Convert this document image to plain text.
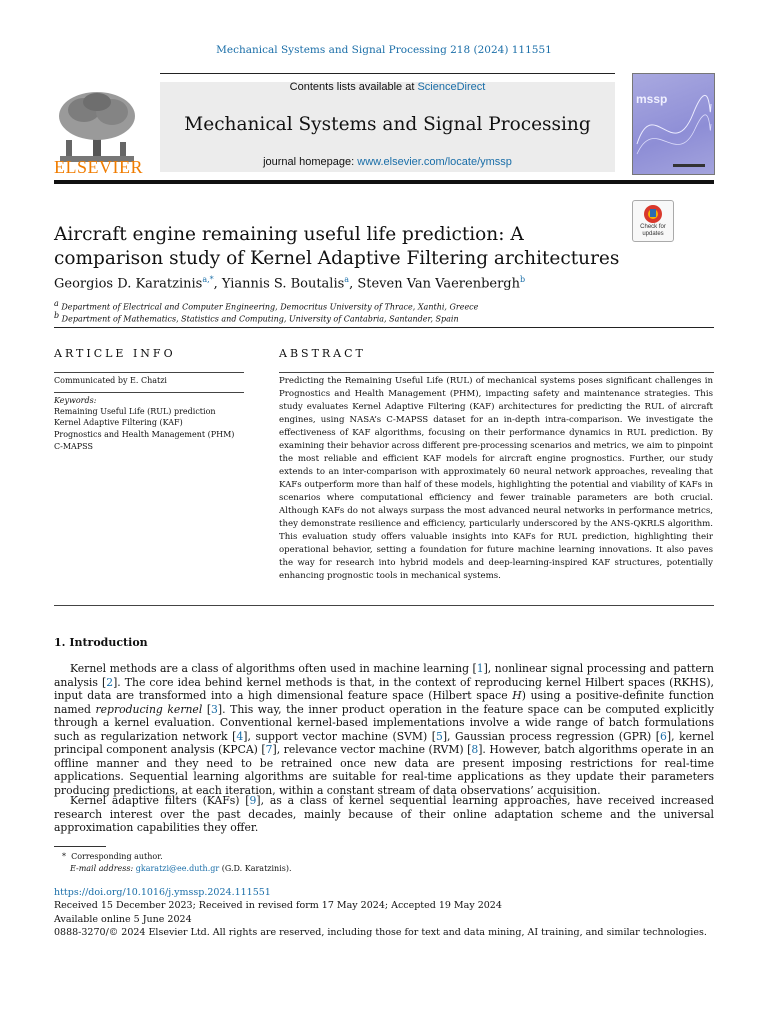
Mechanical Systems and Signal Processing 218 (2024) 111551
ELSEVIER
Contents lists available at ScienceDirect
Mechanical Systems and Signal Processing
journal homepage: www.elsevier.com/locate/ymssp
mssp
Check for updates
Aircraft engine remaining useful life prediction: A comparison study of Kernel Adaptive Filtering architectures
Georgios D. Karatzinis$^{a,*}$, Yiannis S. Boutalis$^a$, Steven Van Vaerenbergh$^b$
$^a$ Department of Electrical and Computer Engineering, Democritus University of Thrace, Xanthi, Greece
$^b$ Department of Mathematics, Statistics and Computing, University of Cantabria, Santander, Spain
ARTICLE INFO
Communicated by E. Chatzi
Keywords:
Remaining Useful Life (RUL) prediction
Kernel Adaptive Filtering (KAF)
Prognostics and Health Management (PHM)
C-MAPSS
ABSTRACT
Predicting the Remaining Useful Life (RUL) of mechanical systems poses significant challenges in Prognostics and Health Management (PHM), impacting safety and maintenance strategies. This study evaluates Kernel Adaptive Filtering (KAF) architectures for predicting the RUL of aircraft engines, using NASA’s C-MAPSS dataset for an in-depth intra-comparison. We investigate the effectiveness of KAF algorithms, focusing on their performance dynamics in RUL prediction. By examining their behavior across different pre-processing scenarios and metrics, we aim to pinpoint the most reliable and efficient KAF models for aircraft engine prognostics. Further, our study extends to an inter-comparison with approximately 60 neural network approaches, revealing that KAFs outperform more than half of these models, highlighting the potential and viability of KAFs in scenarios where computational efficiency and fewer trainable parameters are both crucial. Although KAFs do not always surpass the most advanced neural networks in performance metrics, they demonstrate resilience and efficiency, particularly underscored by the ANS-QKRLS algorithm. This evaluation study offers valuable insights into KAFs for RUL prediction, highlighting their operational behavior, setting a foundation for future machine learning innovations. It also paves the way for research into hybrid models and deep-learning-inspired KAF structures, potentially enhancing prognostic tools in mechanical systems.
1. Introduction
Kernel methods are a class of algorithms often used in machine learning [1], nonlinear signal processing and pattern analysis [2]. The core idea behind kernel methods is that, in the context of reproducing kernel Hilbert spaces (RKHS), input data are transformed into a high dimensional feature space (Hilbert space H) using a positive-definite function named reproducing kernel [3]. This way, the inner product operation in the feature space can be computed explicitly through a kernel evaluation. Conventional kernel-based implementations involve a wide range of batch formulations such as regularization network [4], support vector machine (SVM) [5], Gaussian process regression (GPR) [6], kernel principal component analysis (KPCA) [7], relevance vector machine (RVM) [8]. However, batch algorithms operate in an offline manner and they need to be retrained once new data are present imposing restrictions for real-time applications. Sequential learning algorithms are suitable for real-time applications as they update their parameters producing predictions, at each iteration, within a constant stream of data observations’ acquisition.
Kernel adaptive filters (KAFs) [9], as a class of kernel sequential learning approaches, have received increased research interest over the past decades, mainly because of their online adaptation scheme and the universal approximation capabilities they offer.
* Corresponding author.
E-mail address: gkaratzi@ee.duth.gr (G.D. Karatzinis).
https://doi.org/10.1016/j.ymssp.2024.111551
Received 15 December 2023; Received in revised form 17 May 2024; Accepted 19 May 2024
Available online 5 June 2024
0888-3270/© 2024 Elsevier Ltd. All rights are reserved, including those for text and data mining, AI training, and similar technologies.
